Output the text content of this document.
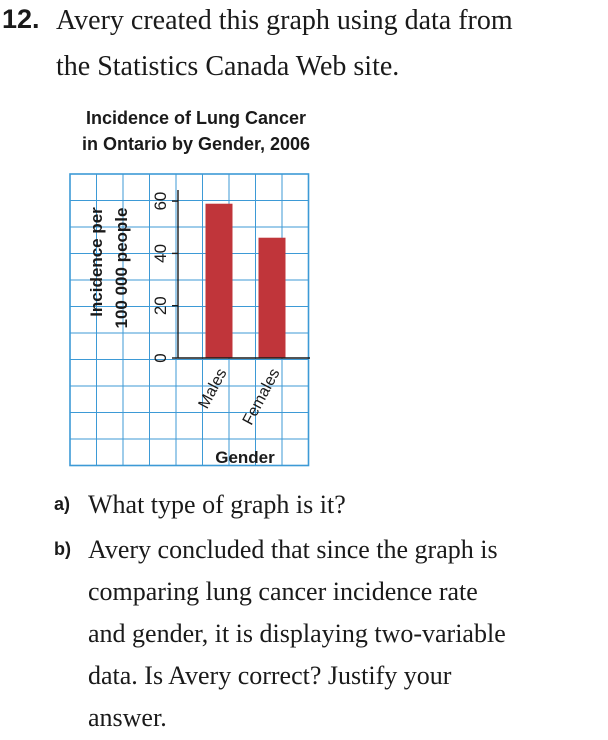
12. Avery created this graph using data from
the Statistics Canada Web site.
Incidence of Lung Cancer
in Ontario by Gender, 2006
0
20
40
60
Males Females
Incidence per 100 000 people
Gender
a) What type of graph is it?
b) Avery concluded that since the graph is
comparing lung cancer incidence rate
and gender, it is displaying two-variable
data. Is Avery correct? Justify your
answer.
